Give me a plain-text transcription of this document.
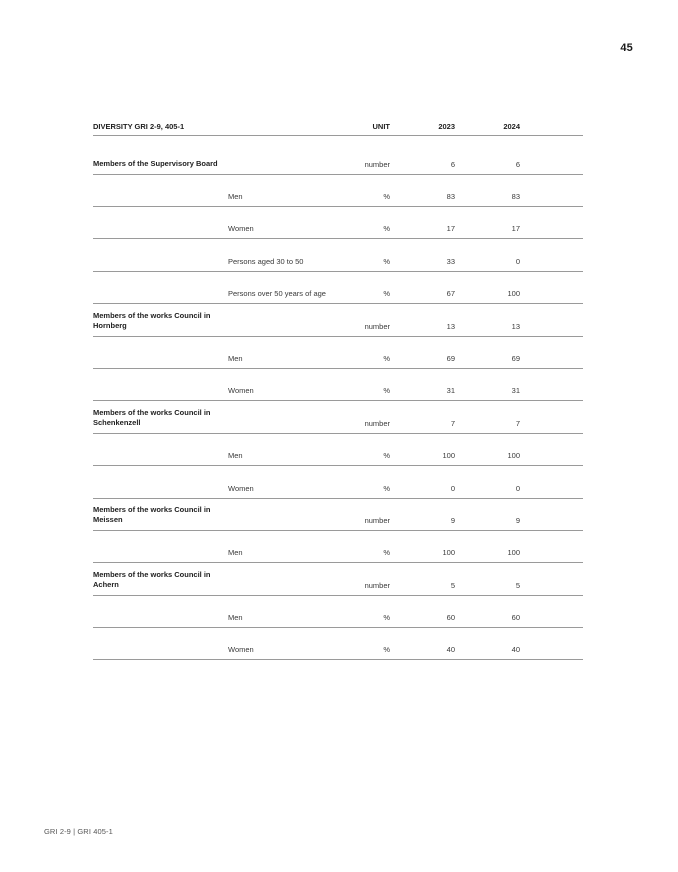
45
DIVERSITY GRI 2-9, 405-1	UNIT	2023	2024
Members of the Supervisory Board	number	6	6
Men	%	83	83
Women	%	17	17
Persons aged 30 to 50	%	33	0
Persons over 50 years of age	%	67	100
Members of the works Council in Hornberg	number	13	13
Men	%	69	69
Women	%	31	31
Members of the works Council in Schenkenzell	number	7	7
Men	%	100	100
Women	%	0	0
Members of the works Council in Meissen	number	9	9
Men	%	100	100
Members of the works Council in Achern	number	5	5
Men	%	60	60
Women	%	40	40
GRI 2-9 | GRI 405-1
